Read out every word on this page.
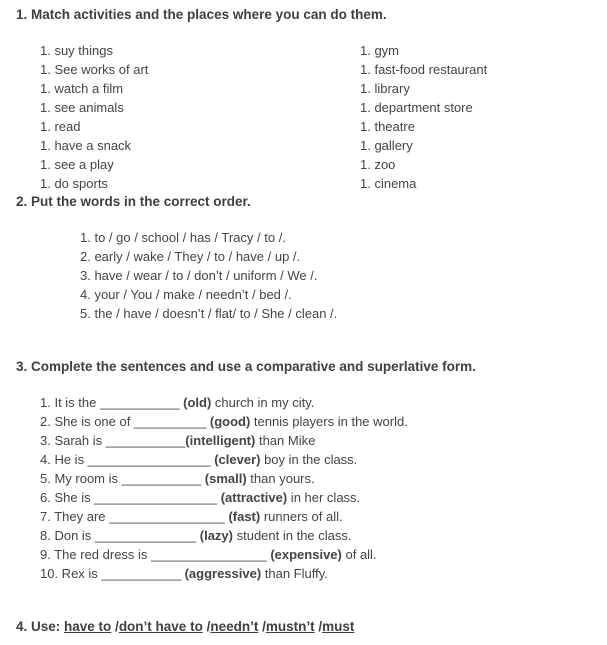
1. Match activities and the places where you can do them.
1. suy things
1. See works of art
1. watch a film
1. see animals
1. read
1. have a snack
1. see a play
1. do sports
1. gym
1. fast-food restaurant
1. library
1. department store
1. theatre
1. gallery
1. zoo
1. cinema
2. Put the words in the correct order.
1. to / go / school / has / Tracy / to /.
2. early / wake / They / to / have / up /.
3. have / wear / to / don’t / uniform / We /.
4. your / You / make / needn’t / bed /.
5. the / have / doesn’t / flat/ to / She / clean /.
3. Complete the sentences and use a comparative and superlative form.
1. It is the ___________ (old) church in my city.
2. She is one of __________ (good) tennis players in the world.
3. Sarah is ___________(intelligent) than Mike
4. He is _________________ (clever) boy in the class.
5. My room is ___________ (small) than yours.
6. She is _________________ (attractive) in her class.
7. They are ________________ (fast) runners of all.
8. Don is ______________ (lazy) student in the class.
9. The red dress is ________________ (expensive) of all.
10. Rex is ___________ (aggressive) than Fluffy.
4. Use: have to /don’t have to /needn’t /mustn’t /must
